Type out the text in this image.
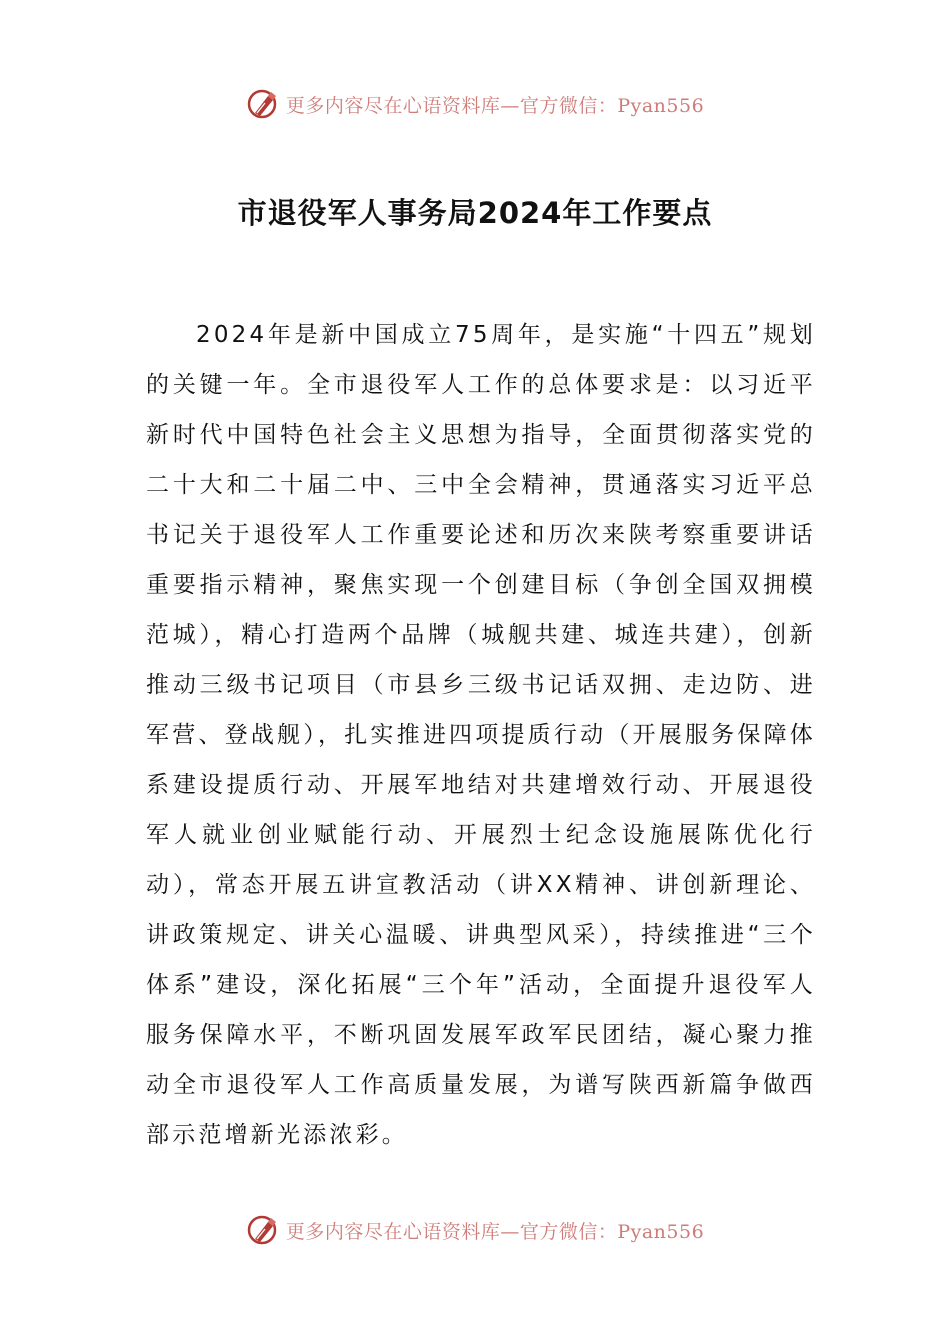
更多内容尽在心语资料库—官方微信：Pyan556
市退役军人事务局2024年工作要点

2024年是新中国成立75周年，是实施“十四五”规划的关键一年。全市退役军人工作的总体要求是：以习近平新时代中国特色社会主义思想为指导，全面贯彻落实党的二十大和二十届二中、三中全会精神，贯通落实习近平总书记关于退役军人工作重要论述和历次来陕考察重要讲话重要指示精神，聚焦实现一个创建目标（争创全国双拥模范城），精心打造两个品牌（城舰共建、城连共建），创新推动三级书记项目（市县乡三级书记话双拥、走边防、进军营、登战舰），扎实推进四项提质行动（开展服务保障体系建设提质行动、开展军地结对共建增效行动、开展退役军人就业创业赋能行动、开展烈士纪念设施展陈优化行动），常态开展五讲宣教活动（讲XX精神、讲创新理论、讲政策规定、讲关心温暖、讲典型风采），持续推进“三个体系”建设，深化拓展“三个年”活动，全面提升退役军人服务保障水平，不断巩固发展军政军民团结，凝心聚力推动全市退役军人工作高质量发展，为谱写陕西新篇争做西部示范增新光添浓彩。

更多内容尽在心语资料库—官方微信：Pyan556
